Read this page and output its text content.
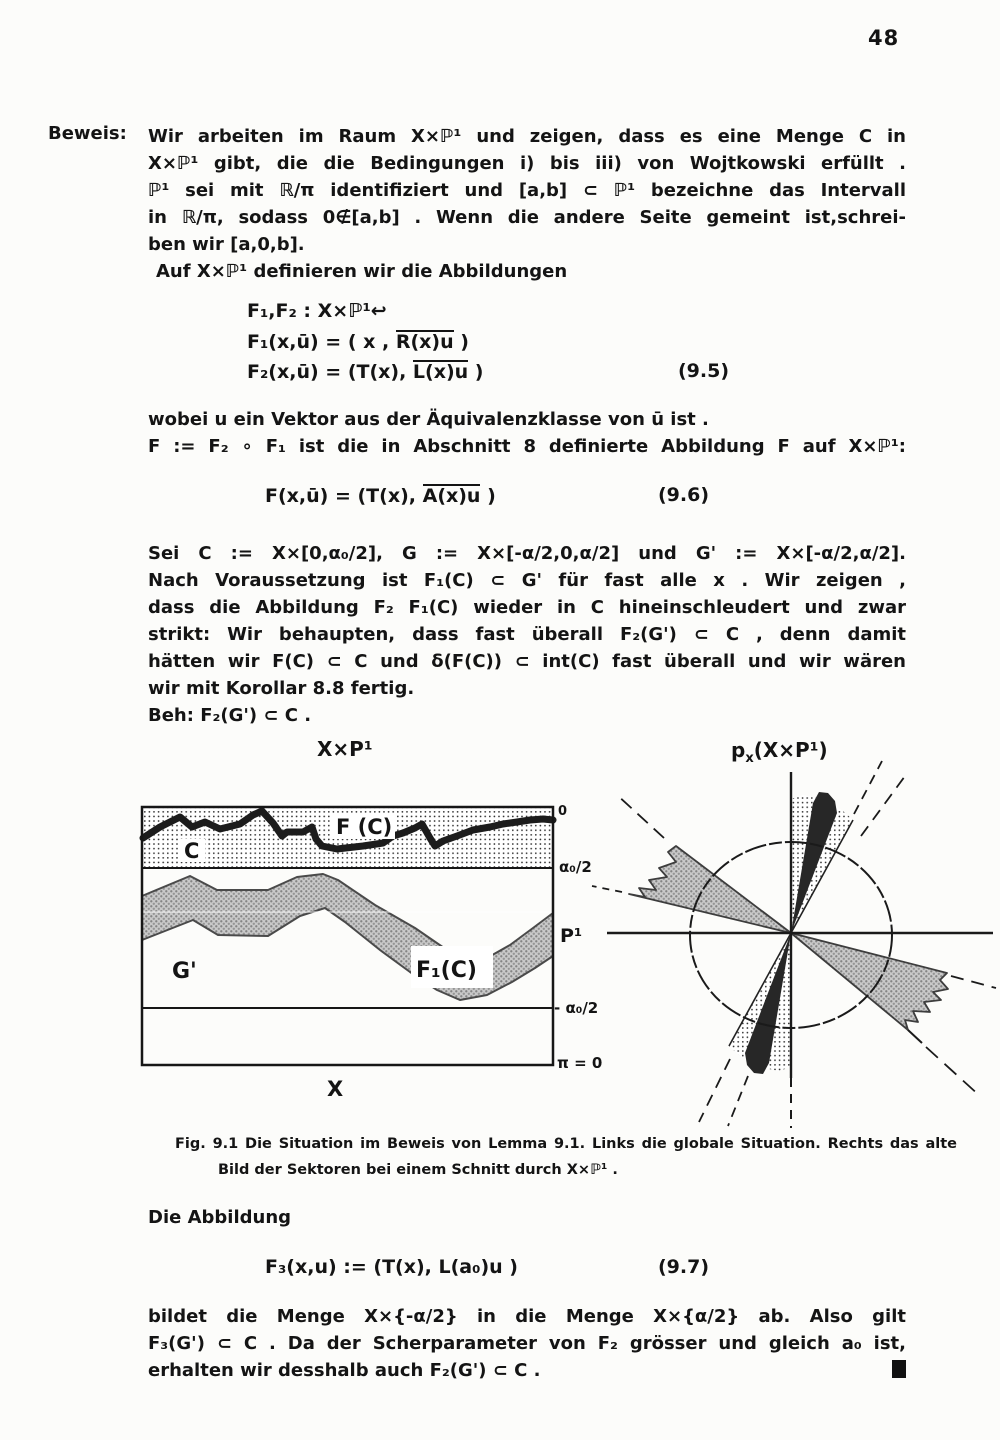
48
Beweis: Wir arbeiten im Raum X×ℙ¹ und zeigen, dass es eine Menge C in
X×ℙ¹ gibt, die die Bedingungen i) bis iii) von Wojtkowski erfüllt .
ℙ¹ sei mit ℝ/π identifiziert und [a,b] ⊂ ℙ¹ bezeichne das Intervall
in ℝ/π, sodass 0∉[a,b] . Wenn die andere Seite gemeint ist,schrei-
ben wir [a,0,b].
Auf X×ℙ¹ definieren wir die Abbildungen
F₁,F₂ : X×ℙ¹↩
F₁(x,ū) = ( x , R(x)u )
F₂(x,ū) = (T(x), L(x)u )	(9.5)
wobei u ein Vektor aus der Äquivalenzklasse von ū ist .
F := F₂ ∘ F₁ ist die in Abschnitt 8 definierte Abbildung F auf X×ℙ¹:
F(x,ū) = (T(x), A(x)u )	(9.6)
Sei C := X×[0,α₀/2], G := X×[-α/2,0,α/2] und G' := X×[-α/2,α/2].
Nach Voraussetzung ist F₁(C) ⊂ G' für fast alle x . Wir zeigen ,
dass die Abbildung F₂ F₁(C) wieder in C hineinschleudert und zwar
strikt: Wir behaupten, dass fast überall F₂(G') ⊂ C , denn damit
hätten wir F(C) ⊂ C und δ(F(C)) ⊂ int(C) fast überall und wir wären
wir mit Korollar 8.8 fertig.
Beh: F₂(G') ⊂ C .
X×P¹
F (C)
C
G'	F₁(C)
0
α₀/2
P¹
- α₀/2
π = 0
X
$p_x(X\times P^1)$
Fig. 9.1 Die Situation im Beweis von Lemma 9.1. Links die globale Situation. Rechts das alte
Bild der Sektoren bei einem Schnitt durch X×ℙ¹ .
Die Abbildung
F₃(x,u) := (T(x), L(a₀)u )	(9.7)
bildet die Menge X×{-α/2} in die Menge X×{α/2} ab. Also gilt
F₃(G') ⊂ C . Da der Scherparameter von F₂ grösser und gleich a₀ ist,
erhalten wir desshalb auch F₂(G') ⊂ C .
